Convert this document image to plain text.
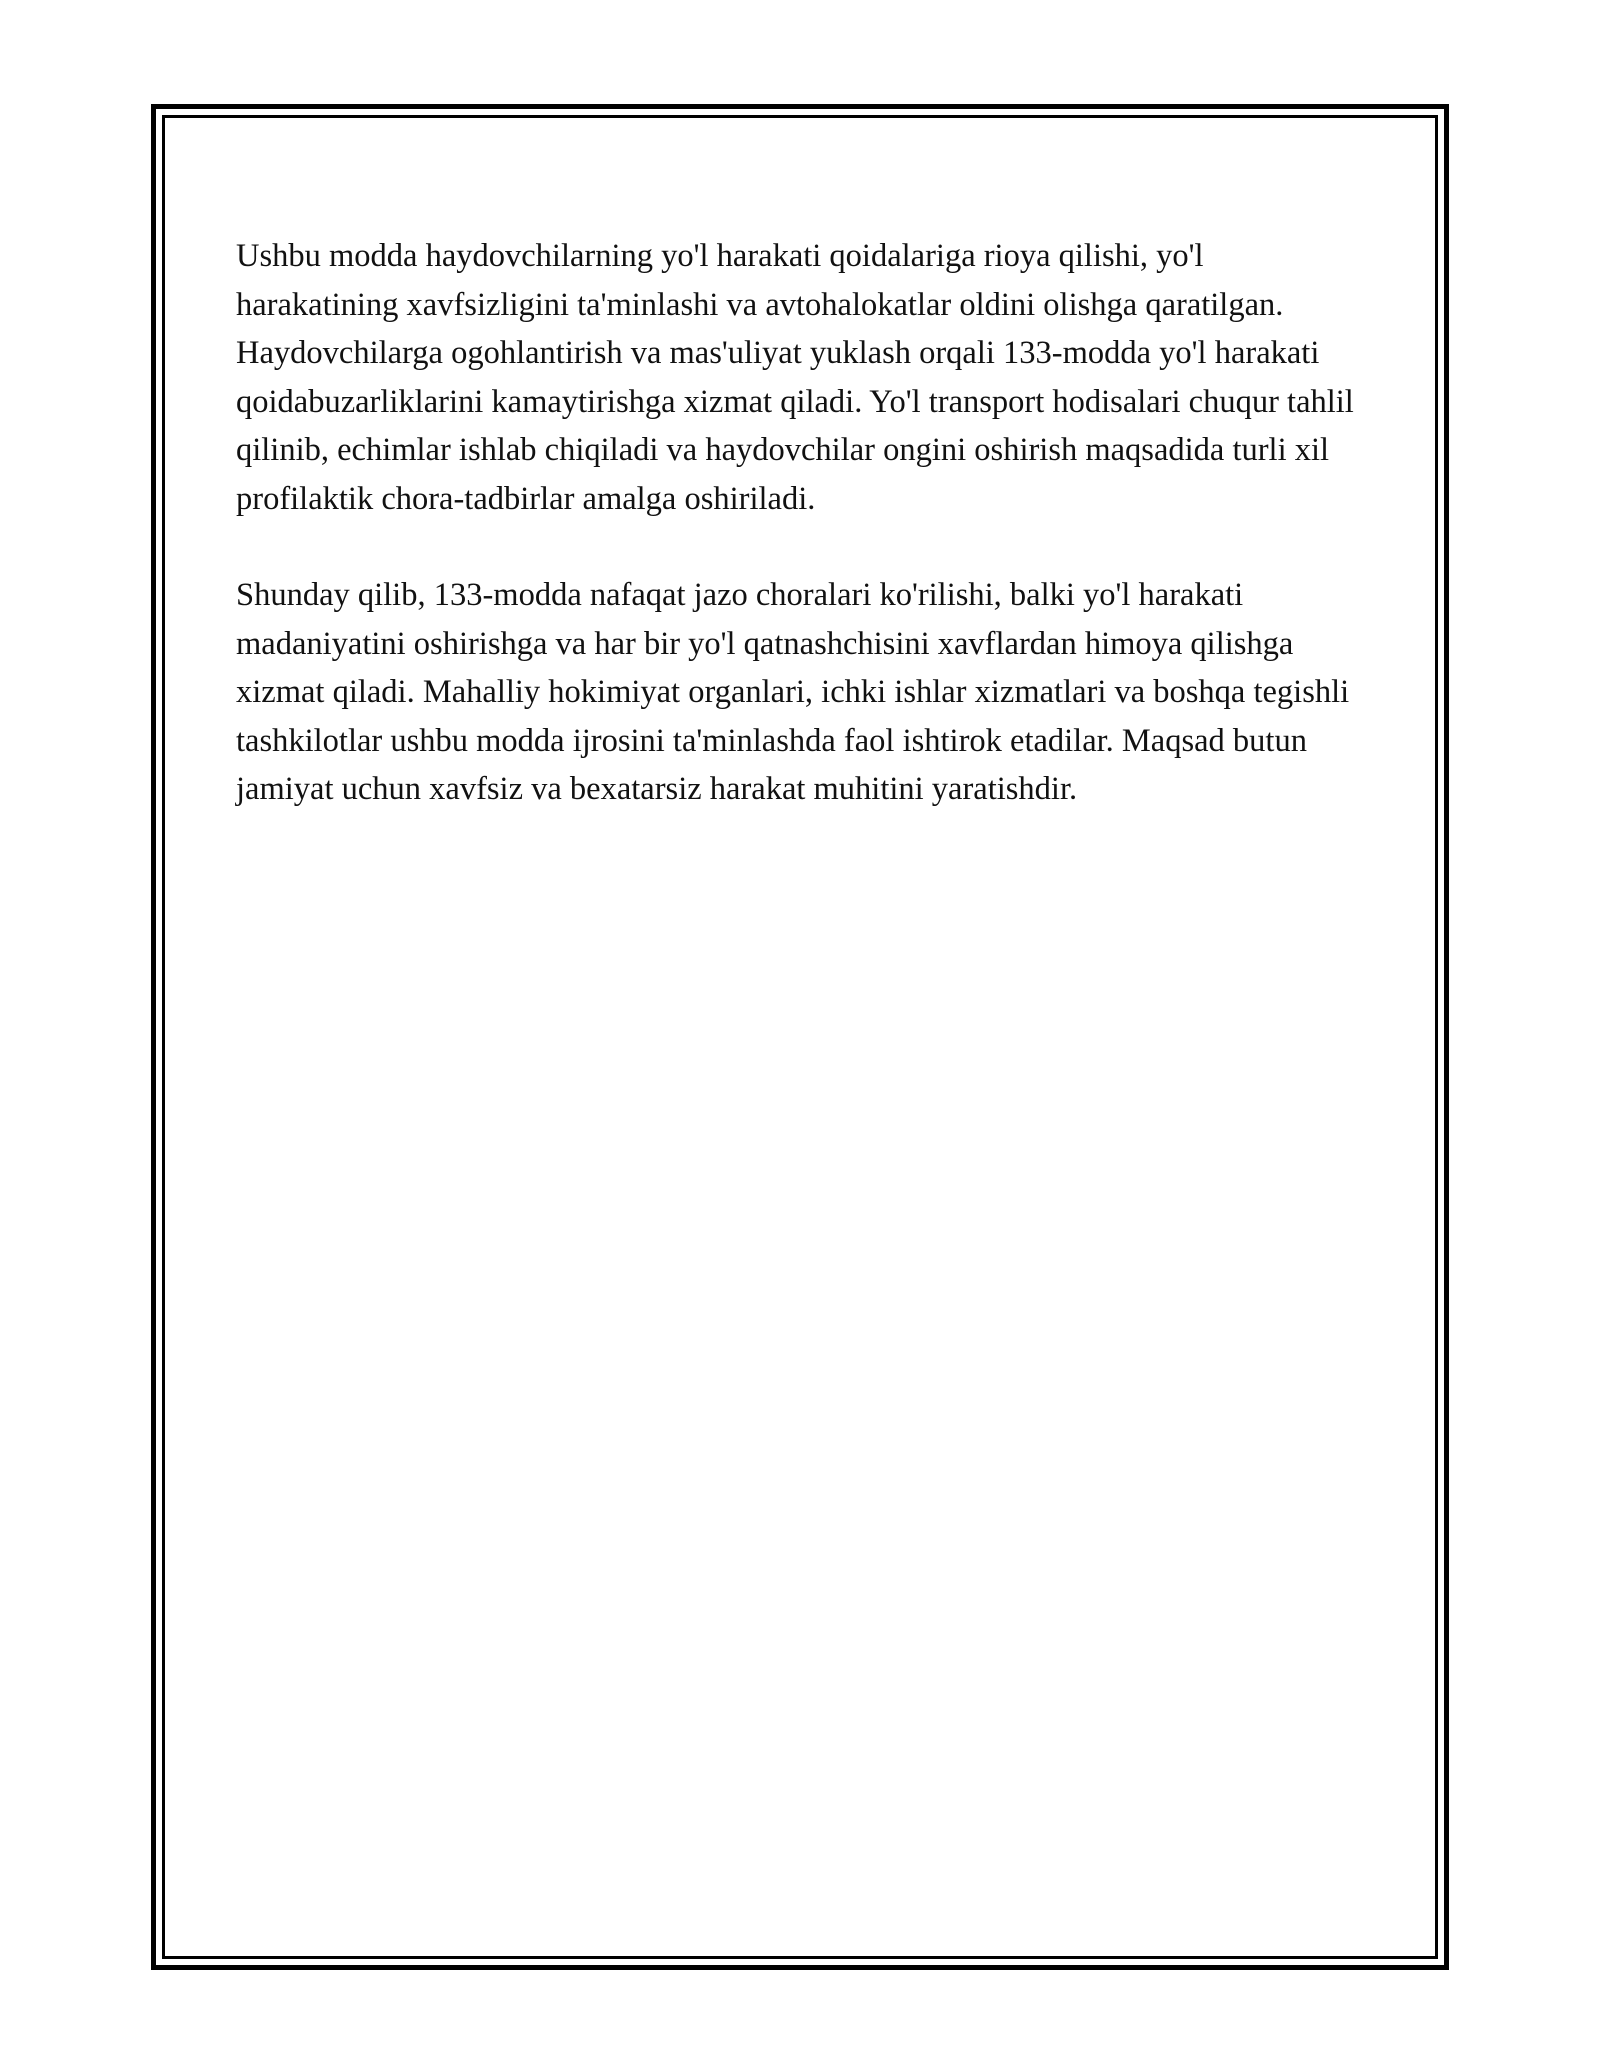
Ushbu modda haydovchilarning yo'l harakati qoidalariga rioya qilishi, yo'l harakatining xavfsizligini ta'minlashi va avtohalokatlar oldini olishga qaratilgan. Haydovchilarga ogohlantirish va mas'uliyat yuklash orqali 133-modda yo'l harakati qoidabuzarliklarini kamaytirishga xizmat qiladi. Yo'l transport hodisalari chuqur tahlil qilinib, echimlar ishlab chiqiladi va haydovchilar ongini oshirish maqsadida turli xil profilaktik chora-tadbirlar amalga oshiriladi.

Shunday qilib, 133-modda nafaqat jazo choralari ko'rilishi, balki yo'l harakati madaniyatini oshirishga va har bir yo'l qatnashchisini xavflardan himoya qilishga xizmat qiladi. Mahalliy hokimiyat organlari, ichki ishlar xizmatlari va boshqa tegishli tashkilotlar ushbu modda ijrosini ta'minlashda faol ishtirok etadilar. Maqsad butun jamiyat uchun xavfsiz va bexatarsiz harakat muhitini yaratishdir.
